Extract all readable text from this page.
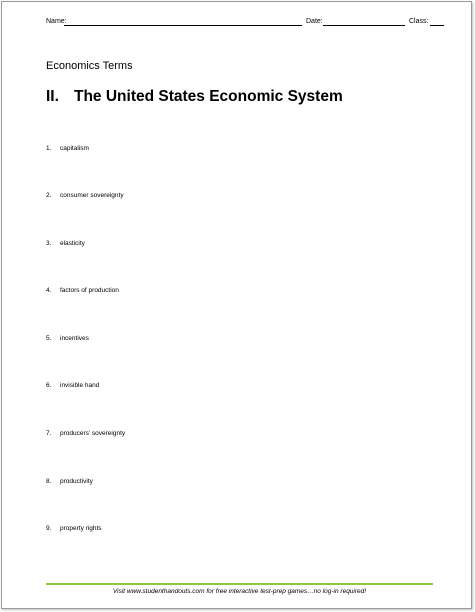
Name:	Date:	Class:
Economics Terms
II. The United States Economic System
1. capitalism
2. consumer sovereignty
3. elasticity
4. factors of production
5. incentives
6. invisible hand
7. producers’ sovereignty
8. productivity
9. property rights
Visit www.studenthandouts.com for free interactive test-prep games…no log-in required!
